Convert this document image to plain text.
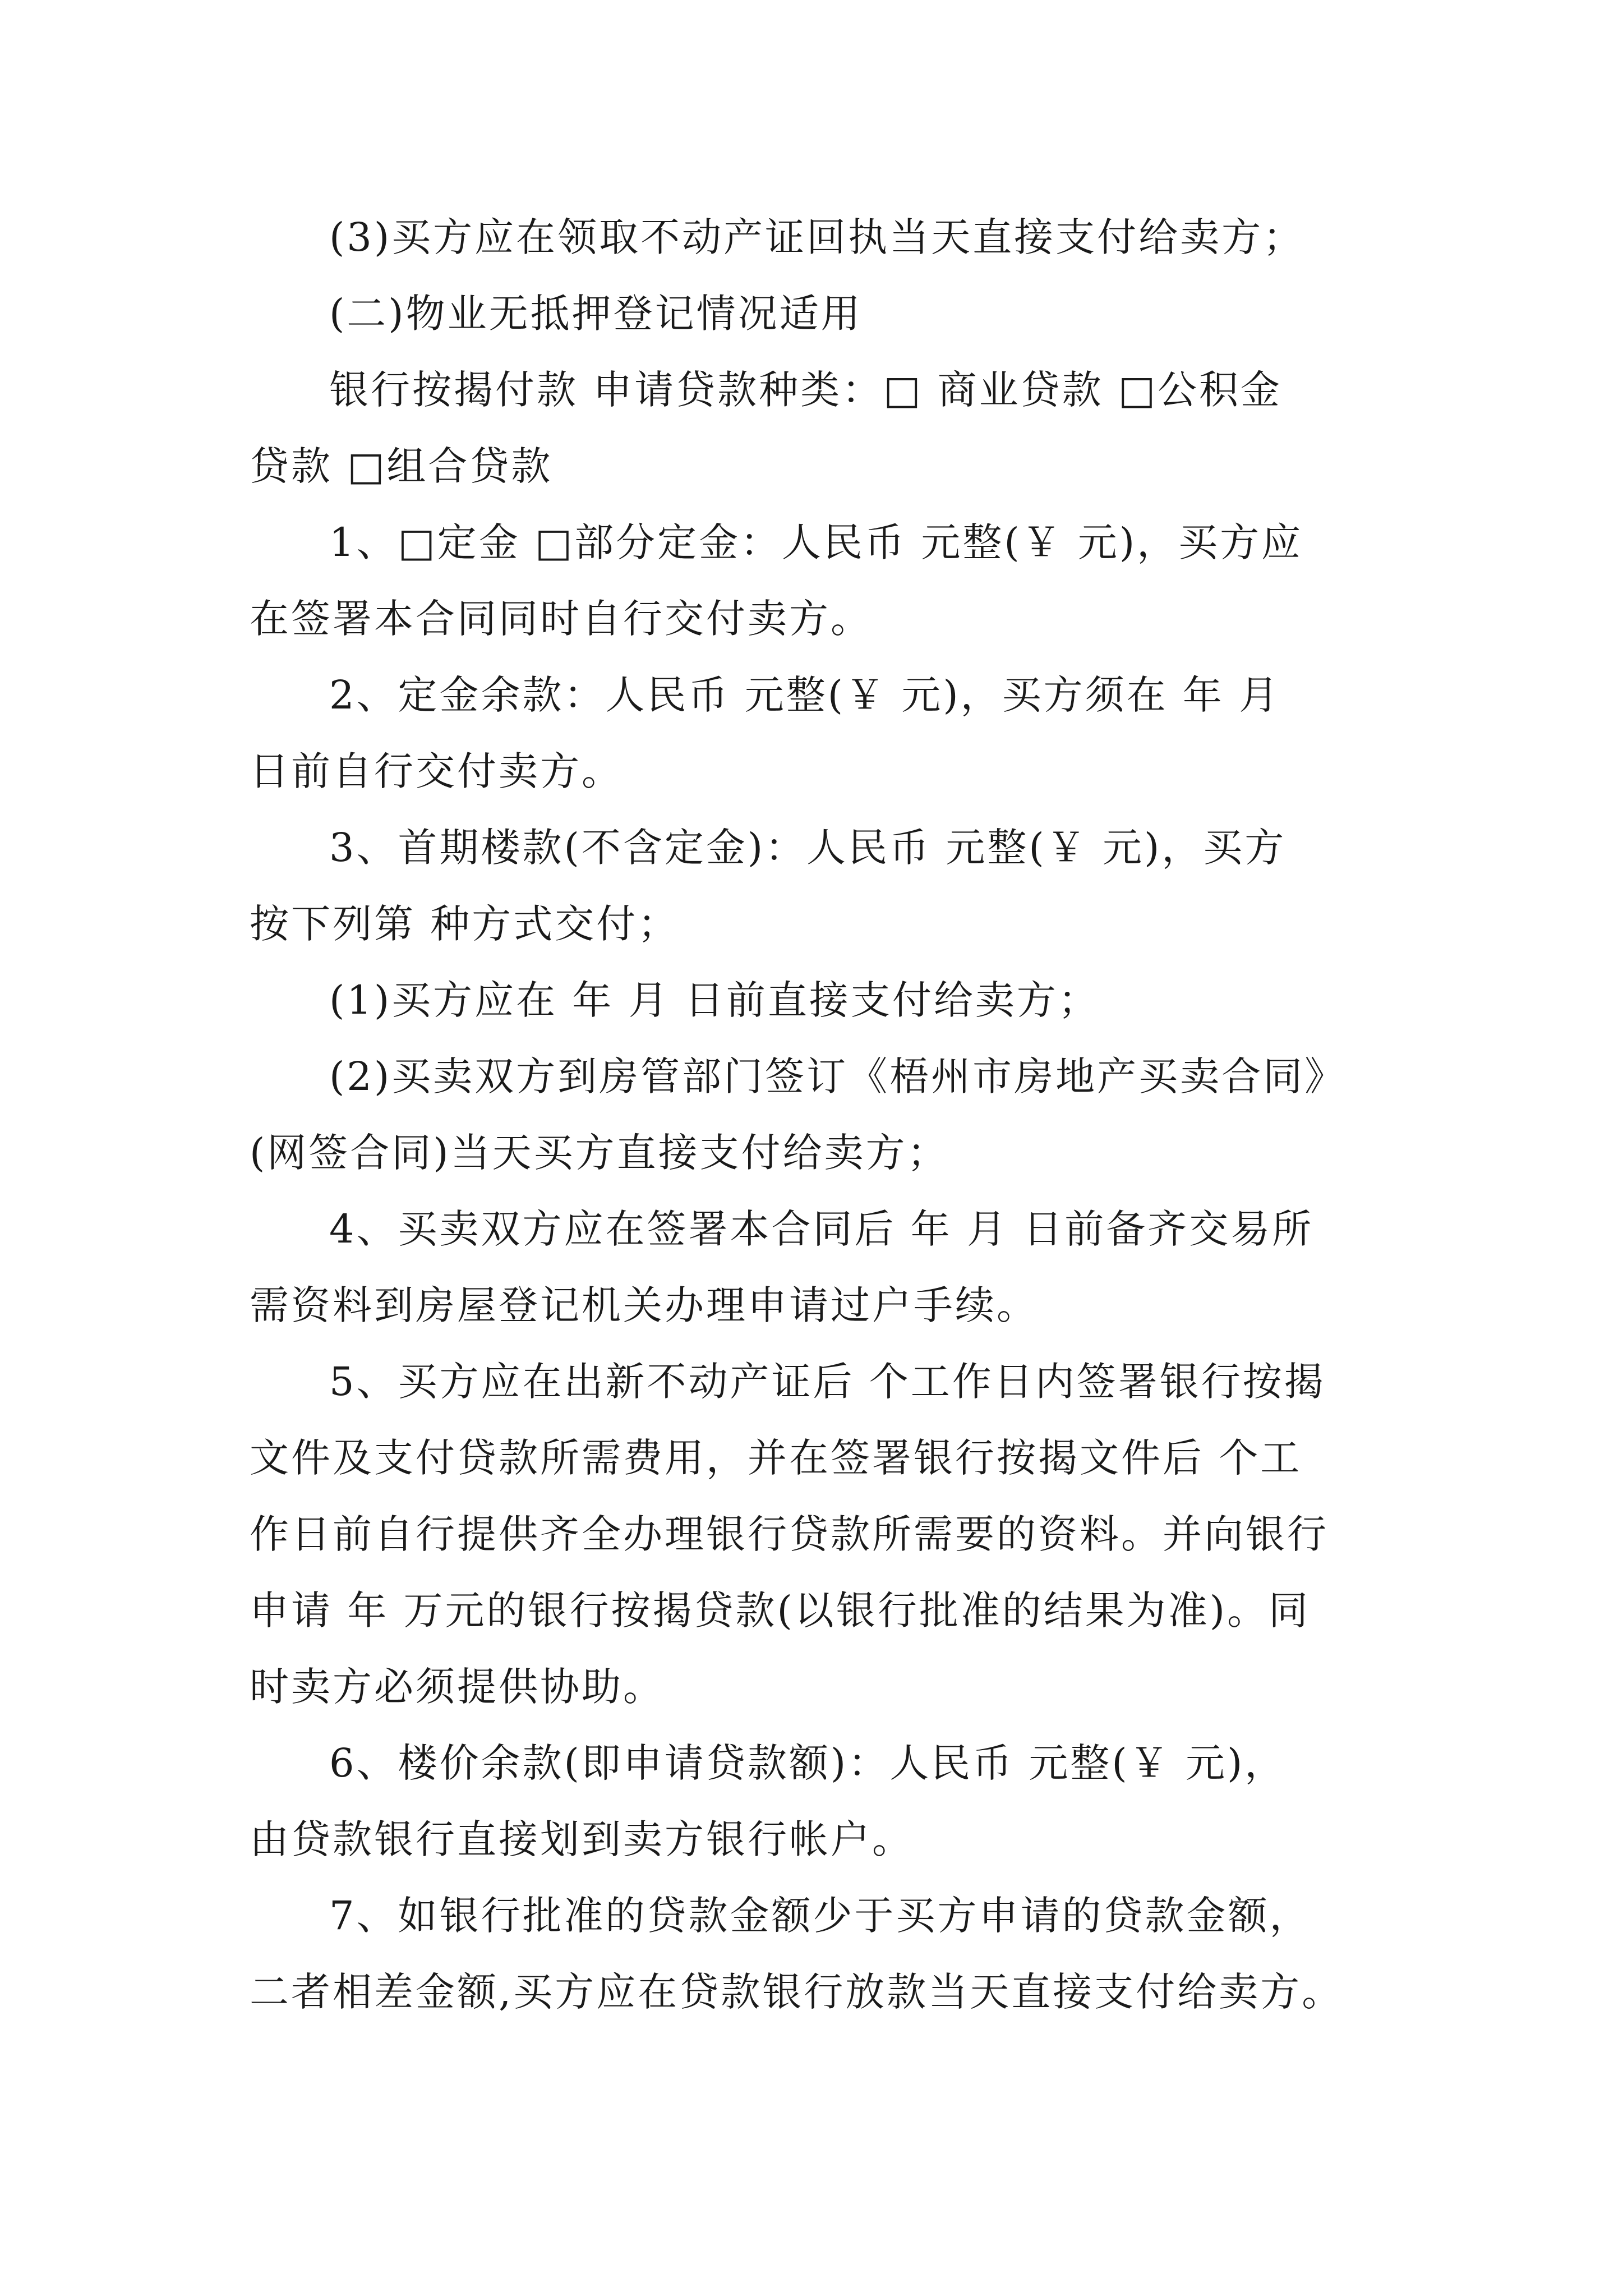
(3)买方应在领取不动产证回执当天直接支付给卖方；
(二)物业无抵押登记情况适用
银行按揭付款 申请贷款种类：□ 商业贷款 □公积金
贷款 □组合贷款
1、□定金 □部分定金：人民币 元整(￥ 元)，买方应
在签署本合同同时自行交付卖方。
2、定金余款：人民币 元整(￥ 元)，买方须在 年 月
日前自行交付卖方。
3、首期楼款(不含定金)：人民币 元整(￥ 元)，买方
按下列第 种方式交付；
(1)买方应在 年 月 日前直接支付给卖方；
(2)买卖双方到房管部门签订《梧州市房地产买卖合同》
(网签合同)当天买方直接支付给卖方；
4、买卖双方应在签署本合同后 年 月 日前备齐交易所
需资料到房屋登记机关办理申请过户手续。
5、买方应在出新不动产证后 个工作日内签署银行按揭
文件及支付贷款所需费用，并在签署银行按揭文件后 个工
作日前自行提供齐全办理银行贷款所需要的资料。并向银行
申请 年 万元的银行按揭贷款(以银行批准的结果为准)。同
时卖方必须提供协助。
6、楼价余款(即申请贷款额)：人民币 元整(￥ 元)，
由贷款银行直接划到卖方银行帐户。
7、如银行批准的贷款金额少于买方申请的贷款金额，
二者相差金额,买方应在贷款银行放款当天直接支付给卖方。
